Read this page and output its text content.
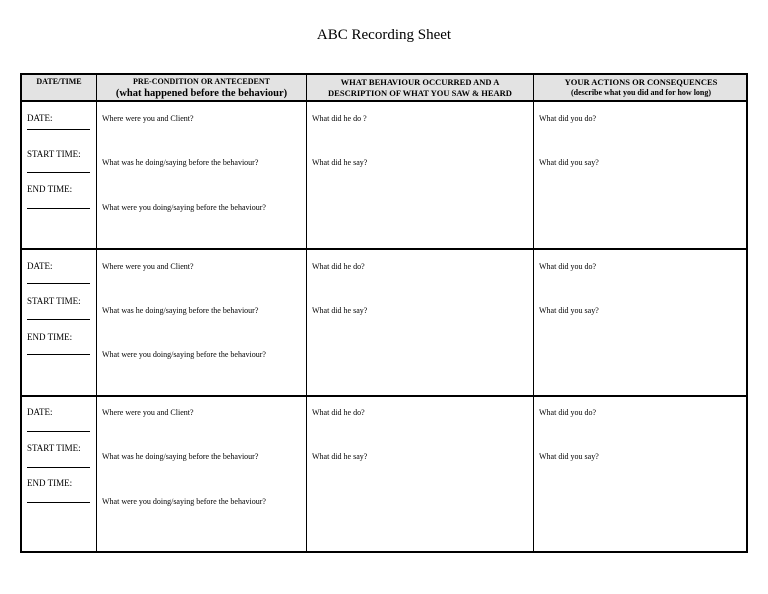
ABC Recording Sheet
DATE/TIME	PRE-CONDITION OR ANTECEDENT
(what happened before the behaviour)
WHAT BEHAVIOUR OCCURRED AND A
DESCRIPTION OF WHAT YOU SAW & HEARD
YOUR ACTIONS OR CONSEQUENCES
(describe what you did and for how long)
DATE:
START TIME:
END TIME:
Where were you and Client?
What was he doing/saying before the behaviour?
What were you doing/saying before the behaviour?
What did he do ?
What did he say?
What did you do?
What did you say?
DATE:
START TIME:
END TIME:
Where were you and Client?
What was he doing/saying before the behaviour?
What were you doing/saying before the behaviour?
What did he do?
What did he say?
What did you do?
What did you say?
DATE:
START TIME:
END TIME:
Where were you and Client?
What was he doing/saying before the behaviour?
What were you doing/saying before the behaviour?
What did he do?
What did he say?
What did you do?
What did you say?
